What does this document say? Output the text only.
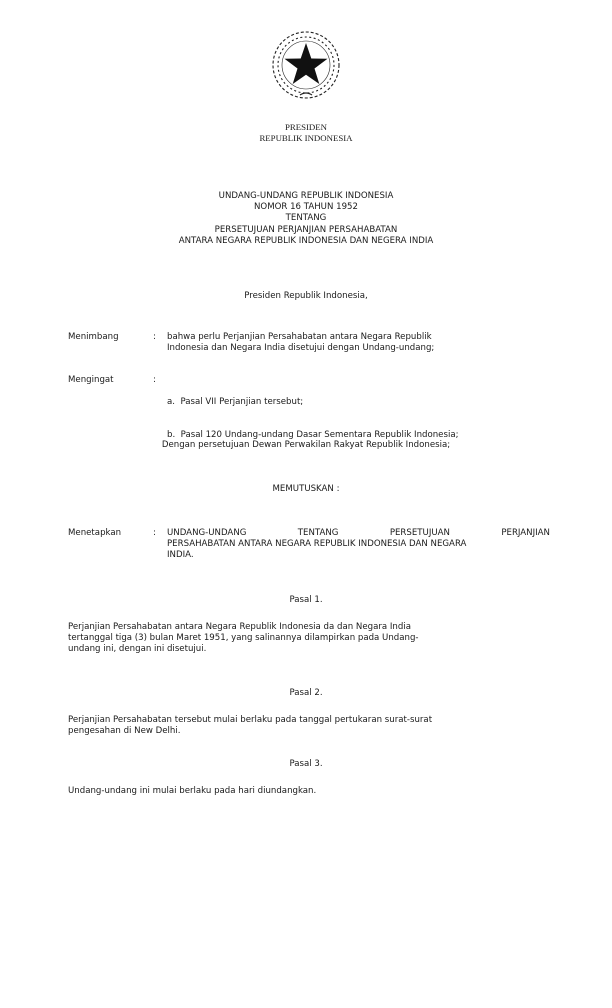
PRESIDEN
REPUBLIK INDONESIA
UNDANG-UNDANG REPUBLIK INDONESIA
NOMOR 16 TAHUN 1952
TENTANG
PERSETUJUAN PERJANJIAN PERSAHABATAN
ANTARA NEGARA REPUBLIK INDONESIA DAN NEGERA INDIA
Presiden Republik Indonesia,
Menimbang	: bahwa perlu Perjanjian Persahabatan antara Negara Republik
Indonesia dan Negara India disetujui dengan Undang-undang;
Mengingat	:

a.  Pasal VII Perjanjian tersebut;

b.  Pasal 120 Undang-undang Dasar Sementara Republik Indonesia;

Dengan persetujuan Dewan Perwakilan Rakyat Republik Indonesia;
MEMUTUSKAN :
Menetapkan	: UNDANG-UNDANG	TENTANG	PERSETUJUAN	PERJANJIAN
PERSAHABATAN ANTARA NEGARA REPUBLIK INDONESIA DAN NEGARA
INDIA.
Pasal 1.
Perjanjian Persahabatan antara Negara Republik Indonesia da dan Negara India
tertanggal tiga (3) bulan Maret 1951, yang salinannya dilampirkan pada Undang-
undang ini, dengan ini disetujui.
Pasal 2.
Perjanjian Persahabatan tersebut mulai berlaku pada tanggal pertukaran surat-surat
pengesahan di New Delhi.
Pasal 3.
Undang-undang ini mulai berlaku pada hari diundangkan.
